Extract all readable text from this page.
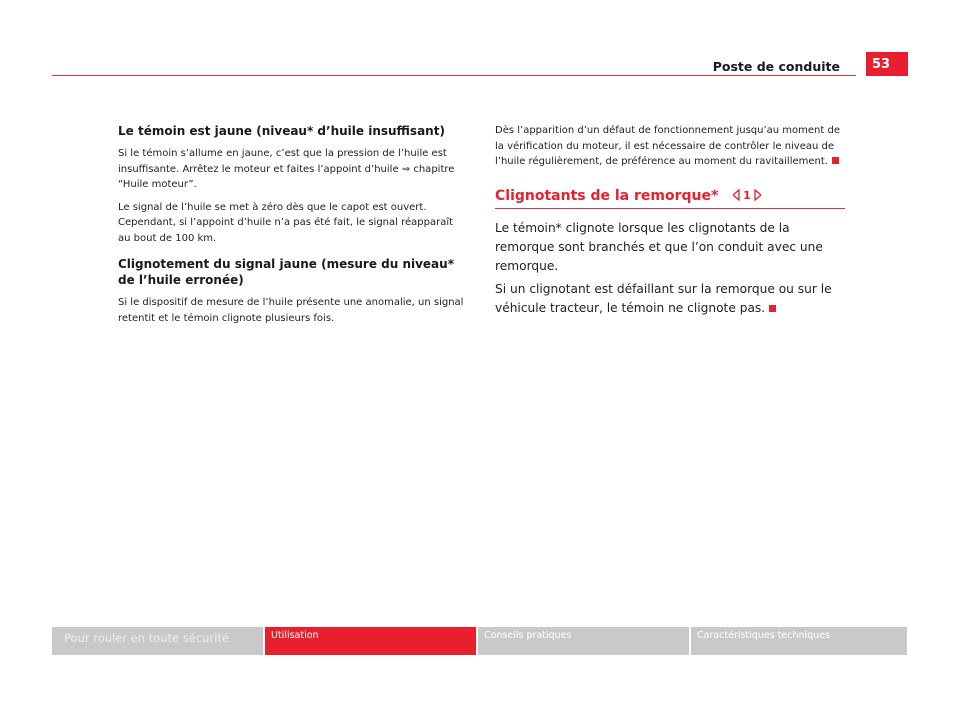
Poste de conduite	53
Le témoin est jaune (niveau* d’huile insuffisant)

Si le témoin s’allume en jaune, c’est que la pression de l’huile est insuffisante. Arrêtez le moteur et faites l’appoint d’huile ⇒ chapitre “Huile moteur”.

Le signal de l’huile se met à zéro dès que le capot est ouvert. Cependant, si l’appoint d’huile n’a pas été fait, le signal réapparaît au bout de 100 km.

Clignotement du signal jaune (mesure du niveau* de l’huile erronée)

Si le dispositif de mesure de l’huile présente une anomalie, un signal retentit et le témoin clignote plusieurs fois.

Dès l’apparition d’un défaut de fonctionnement jusqu’au moment de la vérification du moteur, il est nécessaire de contrôler le niveau de l’huile régulièrement, de préférence au moment du ravitaillement.

Clignotants de la remorque* 1

Le témoin* clignote lorsque les clignotants de la remorque sont branchés et que l’on conduit avec une remorque.

Si un clignotant est défaillant sur la remorque ou sur le véhicule tracteur, le témoin ne clignote pas.

Pour rouler en toute sécurité	Utilisation	Conseils pratiques	Caractéristiques techniques
